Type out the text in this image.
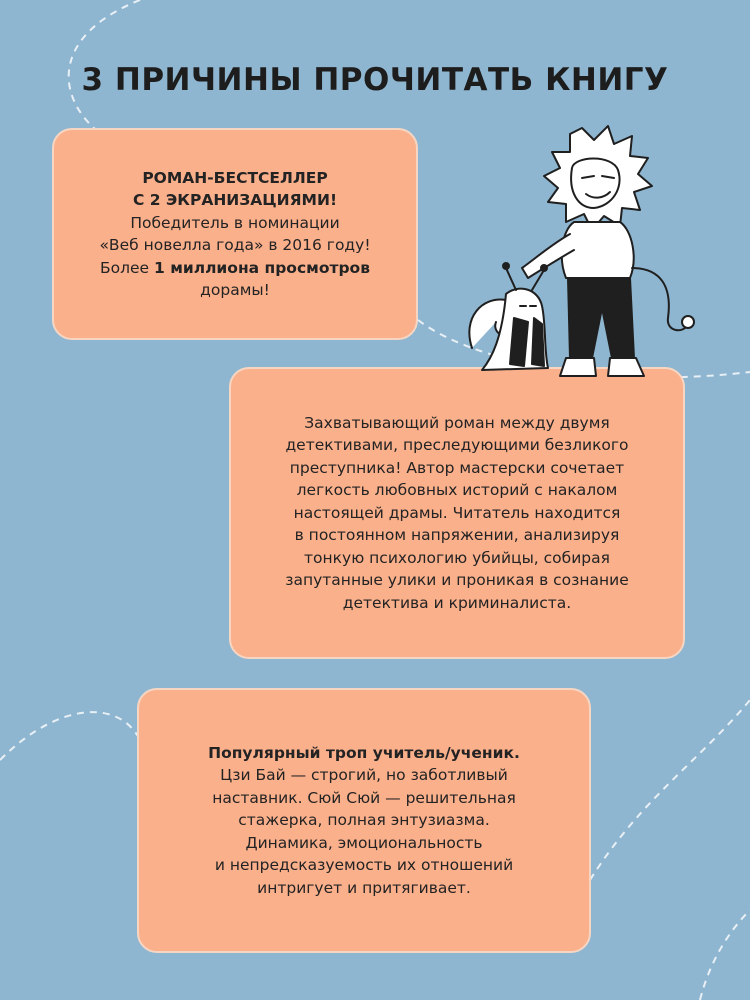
3 ПРИЧИНЫ ПРОЧИТАТЬ КНИГУ

РОМАН-БЕСТСЕЛЛЕР

С 2 ЭКРАНИЗАЦИЯМИ!

Победитель в номинации

«Веб новелла года» в 2016 году!

Более 1 миллиона просмотров

дорамы!

Захватывающий роман между двумя

детективами, преследующими безликого

преступника! Автор мастерски сочетает

легкость любовных историй с накалом

настоящей драмы. Читатель находится

в постоянном напряжении, анализируя

тонкую психологию убийцы, собирая

запутанные улики и проникая в сознание

детектива и криминалиста.

Популярный троп учитель/ученик.

Цзи Бай — строгий, но заботливый

наставник. Сюй Сюй — решительная

стажерка, полная энтузиазма.

Динамика, эмоциональность

и непредсказуемость их отношений

интригует и притягивает.
